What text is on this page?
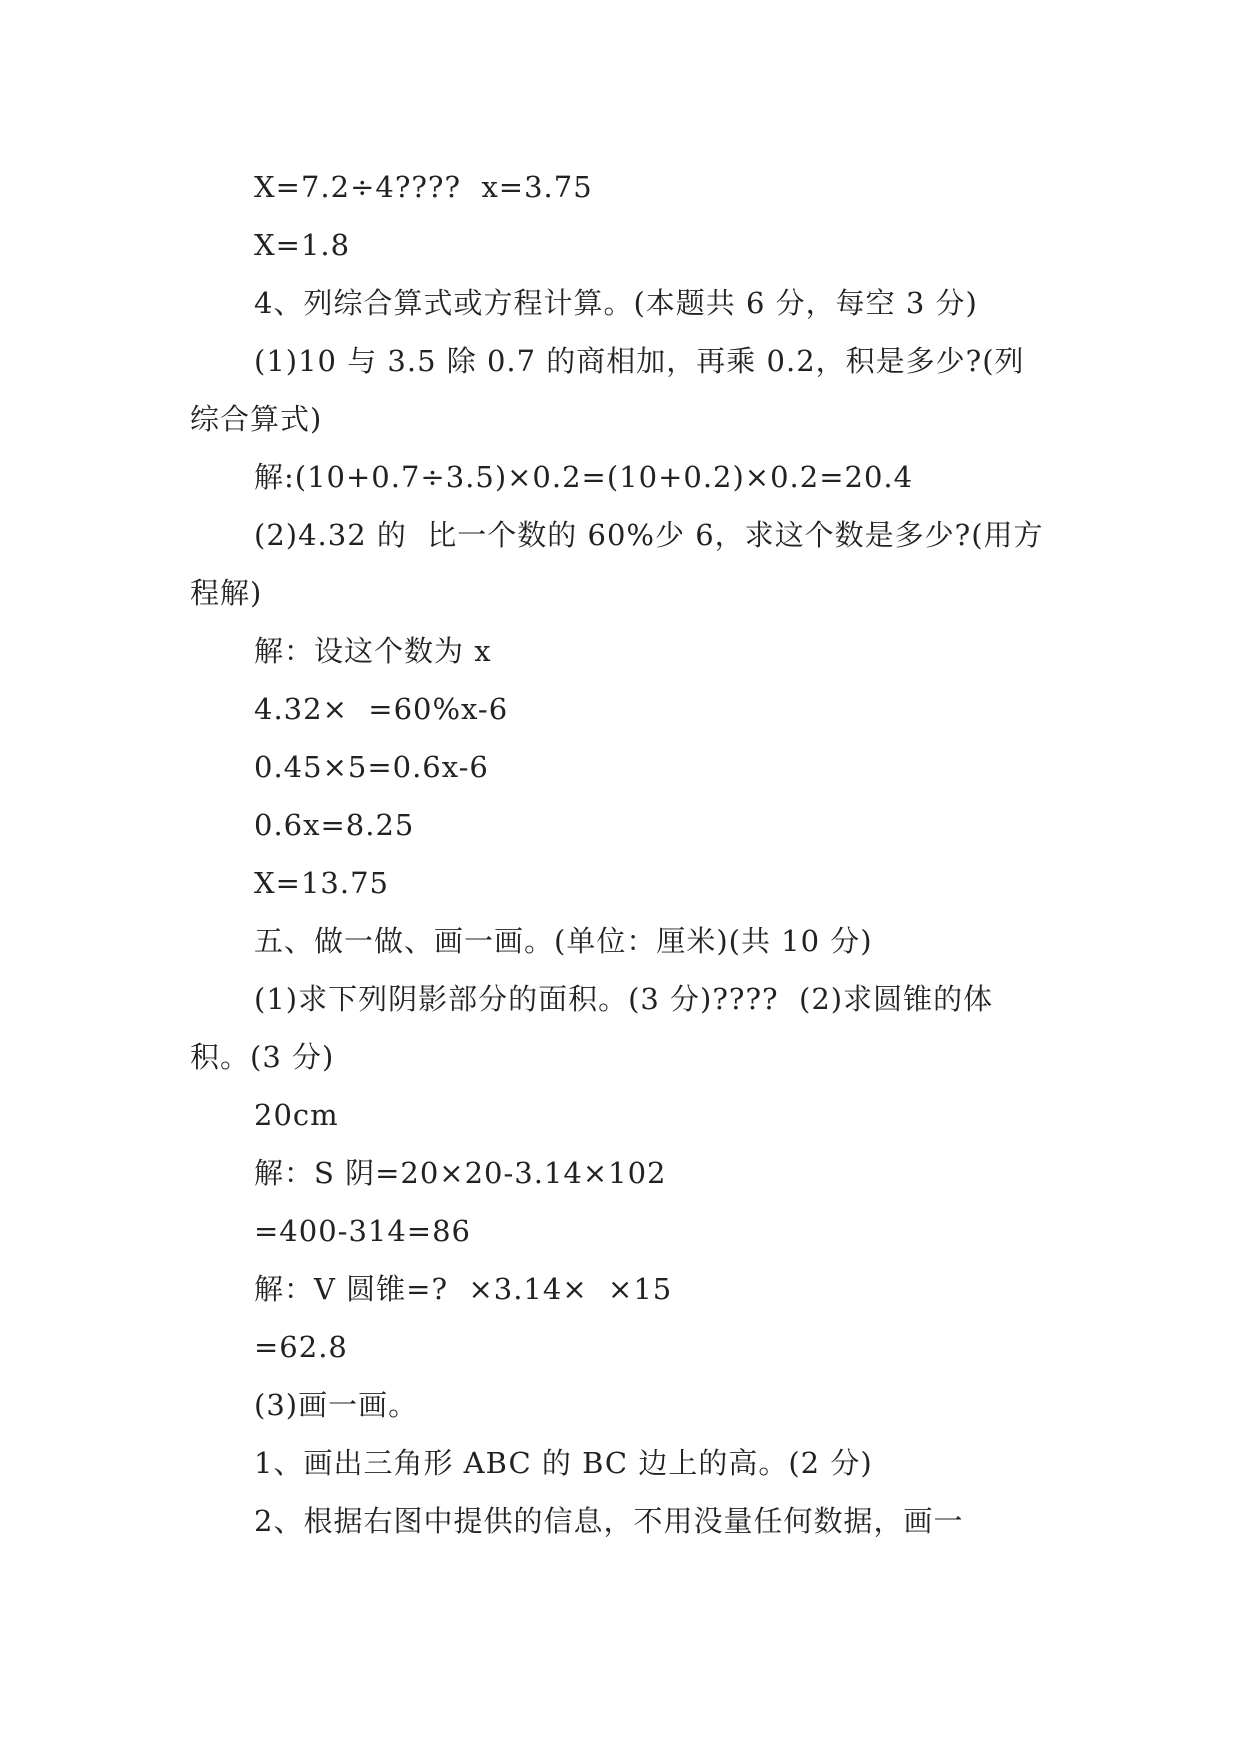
X=7.2÷4????  x=3.75

X=1.8

4、列综合算式或方程计算。(本题共 6 分，每空 3 分)

(1)10 与 3.5 除 0.7 的商相加，再乘 0.2，积是多少?(列综合算式)

解:(10+0.7÷3.5)×0.2=(10+0.2)×0.2=20.4

(2)4.32 的  比一个数的 60%少 6，求这个数是多少?(用方程解)

解：设这个数为 x

4.32×  =60%x-6

0.45×5=0.6x-6

0.6x=8.25

X=13.75

五、做一做、画一画。(单位：厘米)(共 10 分)

(1)求下列阴影部分的面积。(3 分)????  (2)求圆锥的体积。(3 分)

20cm

解：S 阴=20×20-3.14×102

=400-314=86

解：V 圆锥=?  ×3.14×  ×15

=62.8

(3)画一画。

1、画出三角形 ABC 的 BC 边上的高。(2 分)

2、根据右图中提供的信息，不用没量任何数据，画一
